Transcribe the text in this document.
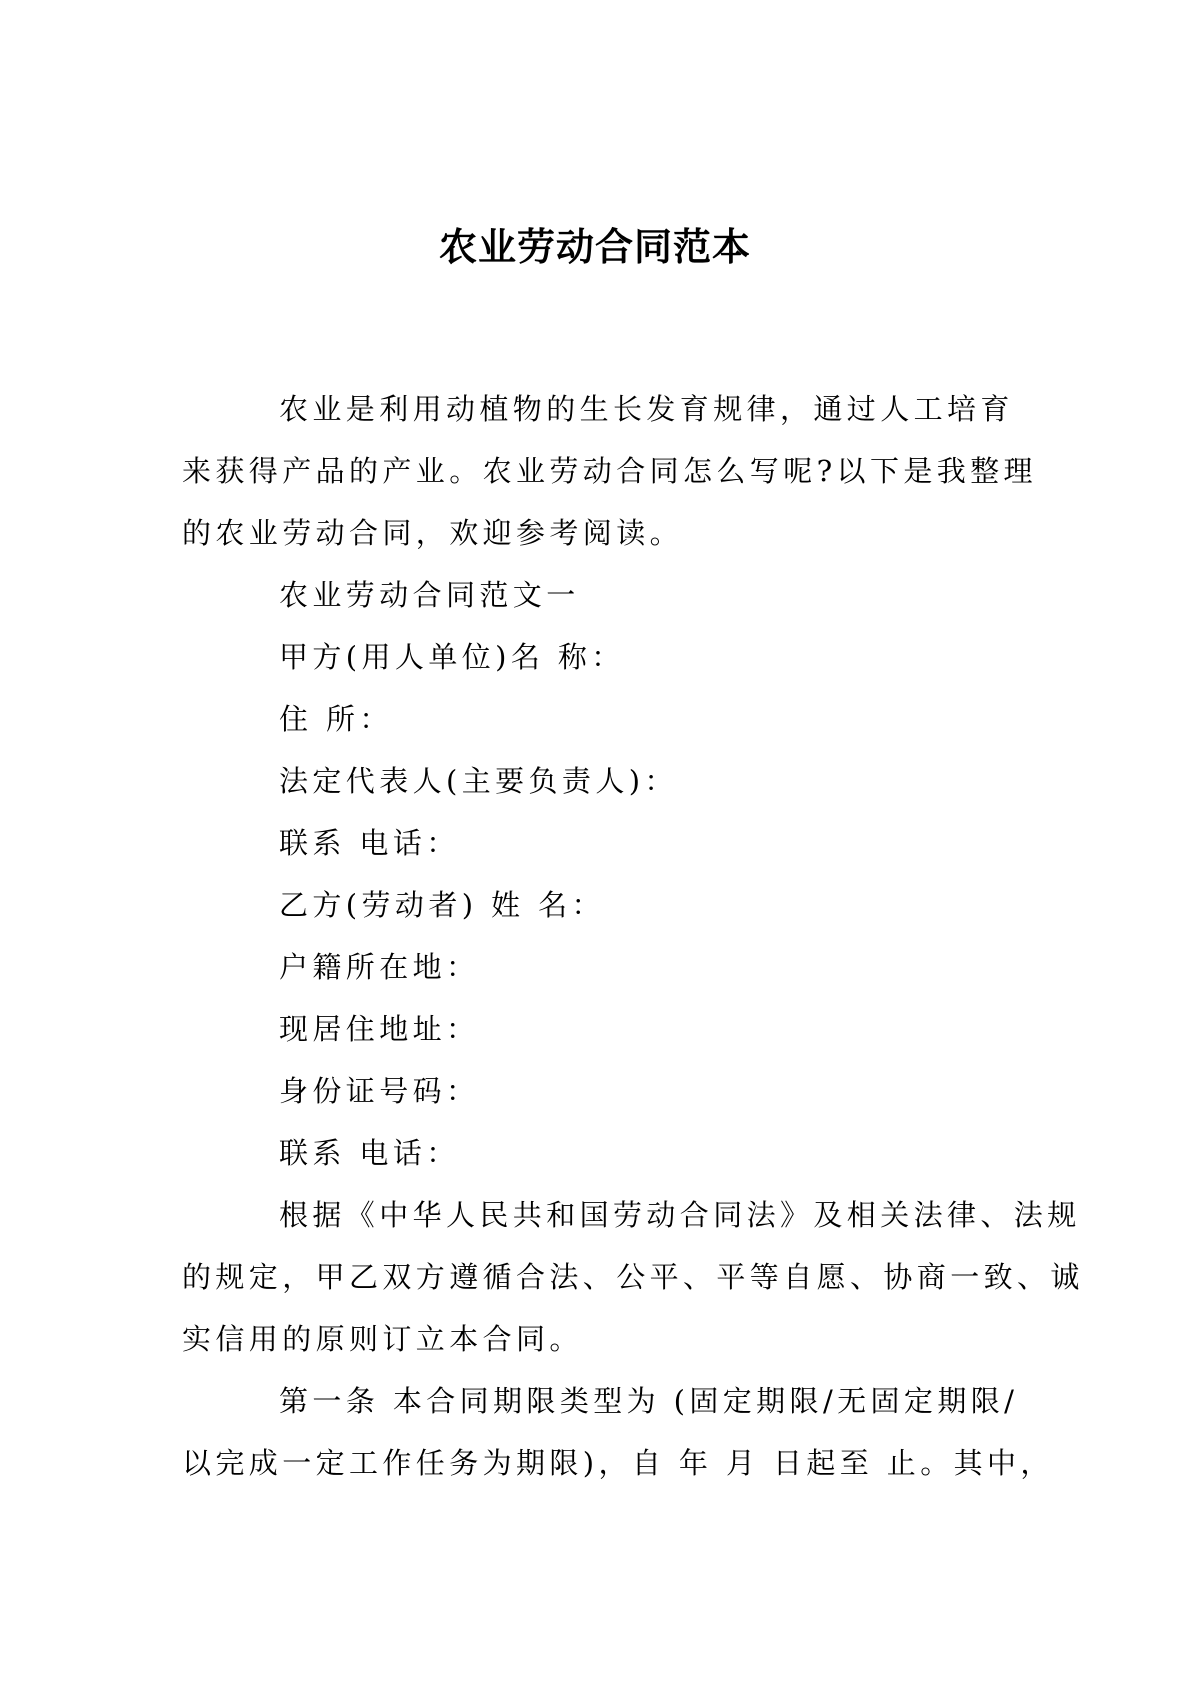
农业劳动合同范本
农业是利用动植物的生长发育规律，通过人工培育
来获得产品的产业。农业劳动合同怎么写呢?以下是我整理
的农业劳动合同，欢迎参考阅读。
农业劳动合同范文一
甲方(用人单位)名 称：
住 所：
法定代表人(主要负责人)：
联系 电话：
乙方(劳动者) 姓 名：
户籍所在地：
现居住地址：
身份证号码：
联系 电话：
根据《中华人民共和国劳动合同法》及相关法律、法规
的规定，甲乙双方遵循合法、公平、平等自愿、协商一致、诚
实信用的原则订立本合同。
第一条 本合同期限类型为 (固定期限/无固定期限/
以完成一定工作任务为期限)，自 年 月 日起至 止。其中，
